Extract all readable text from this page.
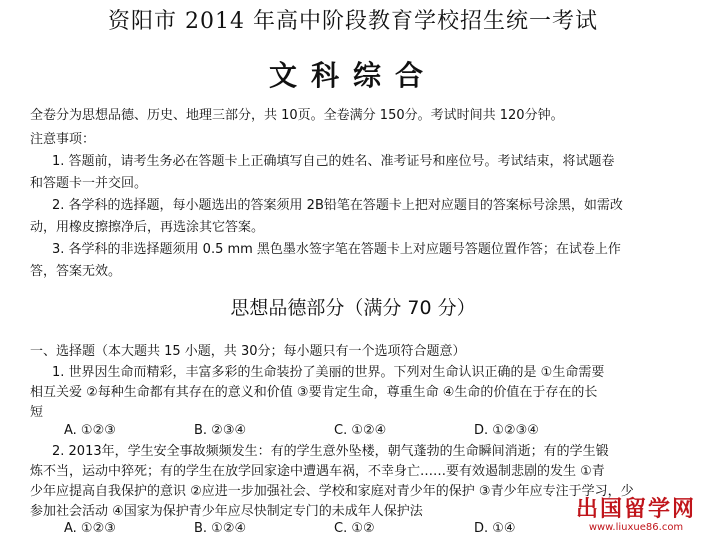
资阳市 2014 年高中阶段教育学校招生统一考试
文科综合
全卷分为思想品德、历史、地理三部分，共 10页。全卷满分 150分。考试时间共 120分钟。
注意事项：
1. 答题前，请考生务必在答题卡上正确填写自己的姓名、准考证号和座位号。考试结束，将试题卷
和答题卡一并交回。
2. 各学科的选择题，每小题选出的答案须用 2B铅笔在答题卡上把对应题目的答案标号涂黑，如需改
动，用橡皮擦擦净后，再选涂其它答案。
3. 各学科的非选择题须用 0.5 mm 黑色墨水签字笔在答题卡上对应题号答题位置作答；在试卷上作
答，答案无效。
思想品德部分（满分 70 分）
一、选择题（本大题共 15 小题，共 30分；每小题只有一个选项符合题意）
1. 世界因生命而精彩，丰富多彩的生命装扮了美丽的世界。下列对生命认识正确的是 ①生命需要
相互关爱 ②每种生命都有其存在的意义和价值 ③要肯定生命，尊重生命 ④生命的价值在于存在的长
短
A. ①②③	B. ②③④	C. ①②④	D. ①②③④
2. 2013年，学生安全事故频频发生：有的学生意外坠楼，朝气蓬勃的生命瞬间消逝；有的学生锻
炼不当，运动中猝死；有的学生在放学回家途中遭遇车祸，不幸身亡……要有效遏制悲剧的发生 ①青
少年应提高自我保护的意识 ②应进一步加强社会、学校和家庭对青少年的保护 ③青少年应专注于学习，少
参加社会活动 ④国家为保护青少年应尽快制定专门的未成年人保护法
A. ①②③	B. ①②④	C. ①②	D. ①④
出国留学网
www.liuxue86.com
